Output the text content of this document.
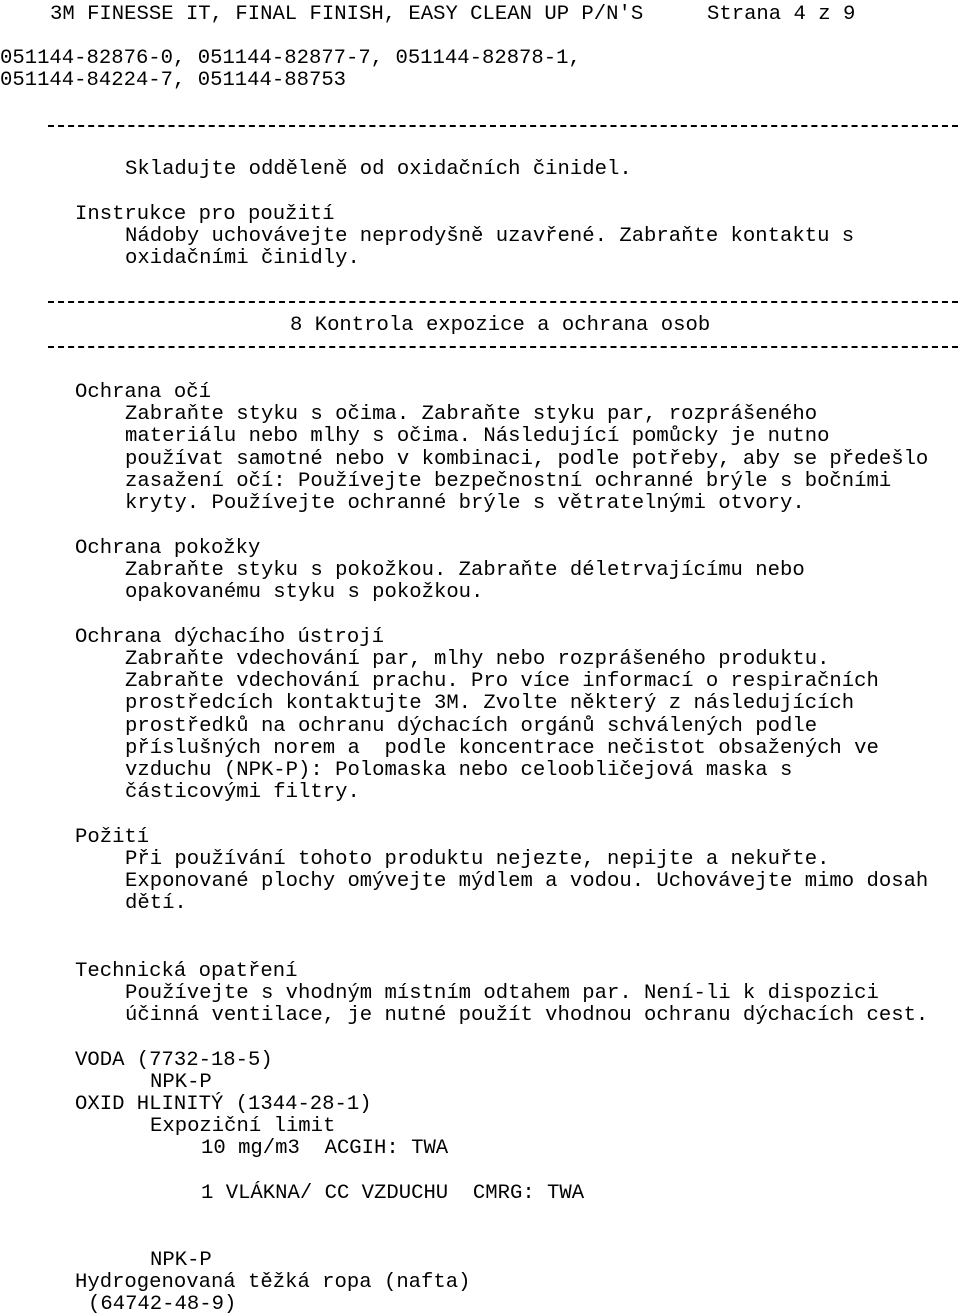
3M FINESSE IT, FINAL FINISH, EASY CLEAN UP P/N'S	Strana 4 z 9
051144-82876-0, 051144-82877-7, 051144-82878-1,
051144-84224-7, 051144-88753
Skladujte odděleně od oxidačních činidel.
Instrukce pro použití
Nádoby uchovávejte neprodyšně uzavřené. Zabraňte kontaktu s
oxidačními činidly.
8 Kontrola expozice a ochrana osob
Ochrana očí
Zabraňte styku s očima. Zabraňte styku par, rozprášeného
materiálu nebo mlhy s očima. Následující pomůcky je nutno
používat samotné nebo v kombinaci, podle potřeby, aby se předešlo
zasažení očí: Používejte bezpečnostní ochranné brýle s bočními
kryty. Používejte ochranné brýle s větratelnými otvory.
Ochrana pokožky
Zabraňte styku s pokožkou. Zabraňte déletrvajícímu nebo
opakovanému styku s pokožkou.
Ochrana dýchacího ústrojí
Zabraňte vdechování par, mlhy nebo rozprášeného produktu.
Zabraňte vdechování prachu. Pro více informací o respiračních
prostředcích kontaktujte 3M. Zvolte některý z následujících
prostředků na ochranu dýchacích orgánů schválených podle
příslušných norem a  podle koncentrace nečistot obsažených ve
vzduchu (NPK-P): Polomaska nebo celoobličejová maska s
částicovými filtry.
Požití
Při používání tohoto produktu nejezte, nepijte a nekuřte.
Exponované plochy omývejte mýdlem a vodou. Uchovávejte mimo dosah
dětí.
Technická opatření
Používejte s vhodným místním odtahem par. Není-li k dispozici
účinná ventilace, je nutné použít vhodnou ochranu dýchacích cest.
VODA (7732-18-5)
NPK-P
OXID HLINITÝ (1344-28-1)
Expoziční limit
10 mg/m3  ACGIH: TWA
1 VLÁKNA/ CC VZDUCHU  CMRG: TWA
NPK-P
Hydrogenovaná těžká ropa (nafta)
(64742-48-9)
